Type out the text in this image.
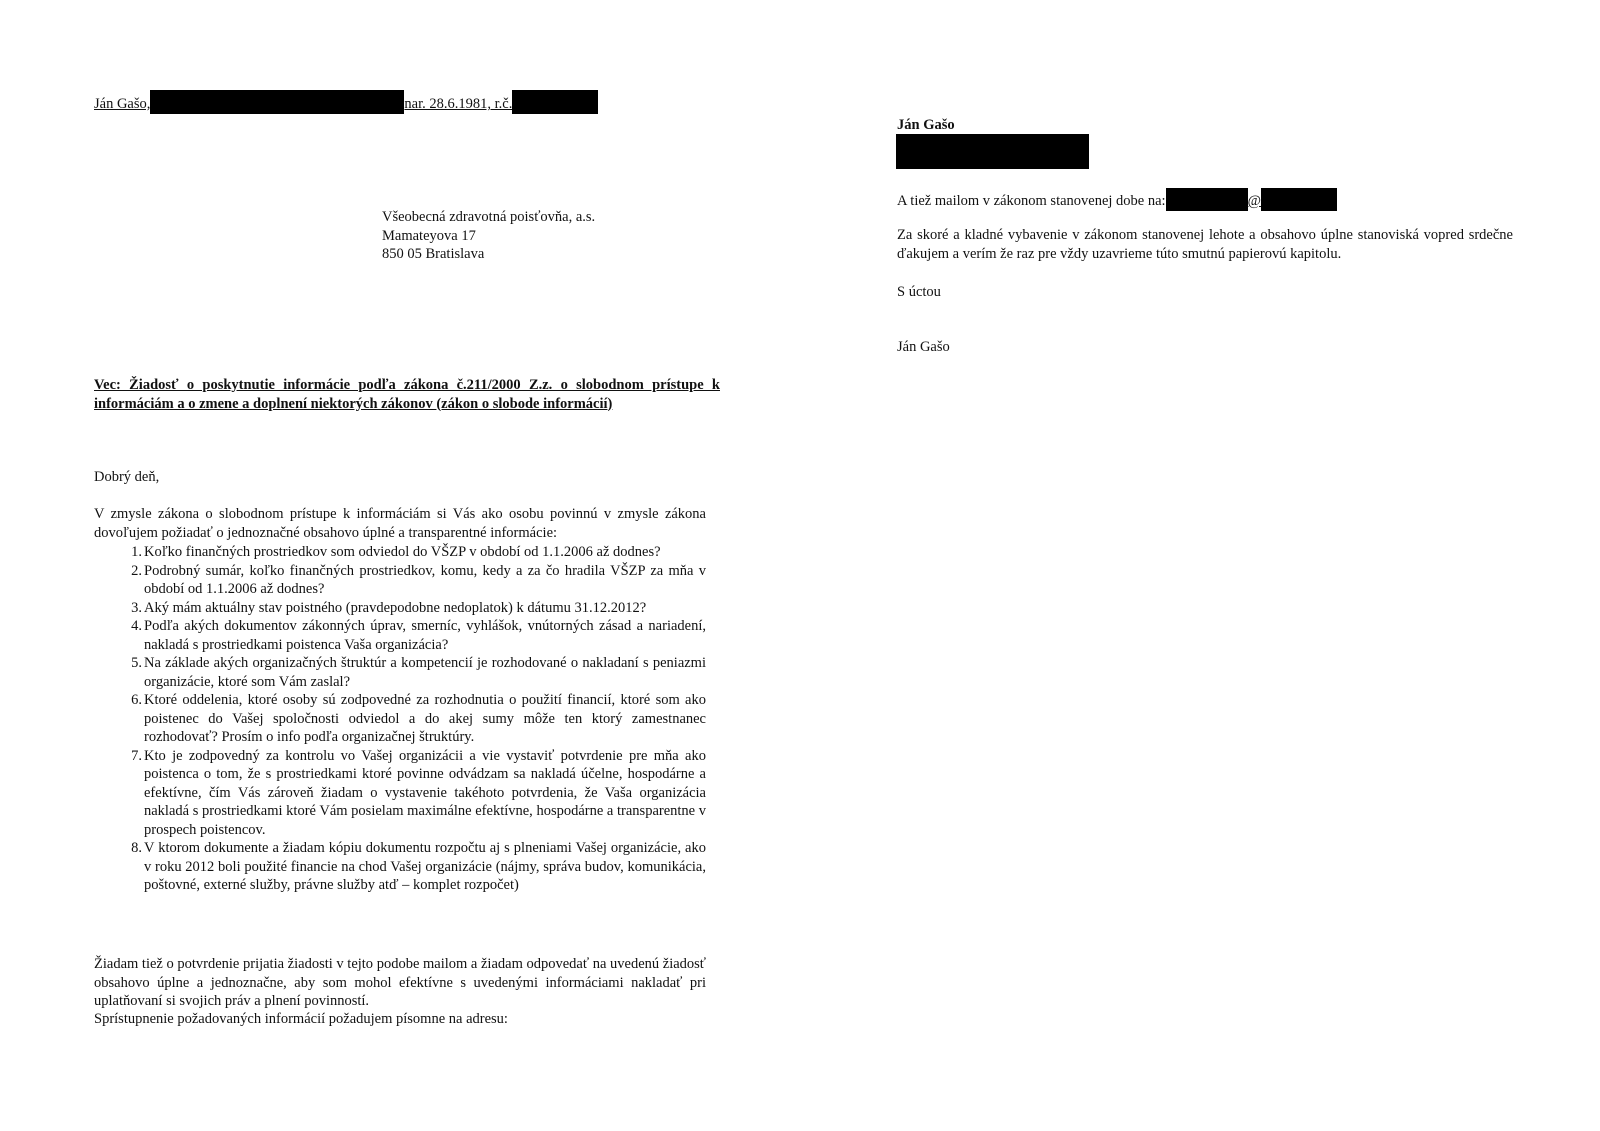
Ján Gašo,	nar. 28.6.1981, r.č.
Všeobecná zdravotná poisťovňa, a.s.
Mamateyova 17
850 05 Bratislava
Vec: Žiadosť o poskytnutie informácie podľa zákona č.211/2000 Z.z. o slobodnom prístupe k informáciám a o zmene a doplnení niektorých zákonov (zákon o slobode informácií)
Dobrý deň,
V zmysle zákona o slobodnom prístupe k informáciám si Vás ako osobu povinnú v zmysle zákona dovoľujem požiadať o jednoznačné obsahovo úplné a transparentné informácie:
1. Koľko finančných prostriedkov som odviedol do VŠZP v období od 1.1.2006 až dodnes?
2. Podrobný sumár, koľko finančných prostriedkov, komu, kedy a za čo hradila VŠZP za mňa v období od 1.1.2006 až dodnes?
3. Aký mám aktuálny stav poistného (pravdepodobne nedoplatok) k dátumu 31.12.2012?
4. Podľa akých dokumentov zákonných úprav, smerníc, vyhlášok, vnútorných zásad a nariadení, nakladá s prostriedkami poistenca Vaša organizácia?
5. Na základe akých organizačných štruktúr a kompetencií je rozhodované o nakladaní s peniazmi organizácie, ktoré som Vám zaslal?
6. Ktoré oddelenia, ktoré osoby sú zodpovedné za rozhodnutia o použití financií, ktoré som ako poistenec do Vašej spoločnosti odviedol a do akej sumy môže ten ktorý zamestnanec rozhodovať? Prosím o info podľa organizačnej štruktúry.
7. Kto je zodpovedný za kontrolu vo Vašej organizácii a vie vystaviť potvrdenie pre mňa ako poistenca o tom, že s prostriedkami ktoré povinne odvádzam sa nakladá účelne, hospodárne a efektívne, čím Vás zároveň žiadam o vystavenie takéhoto potvrdenia, že Vaša organizácia nakladá s prostriedkami ktoré Vám posielam maximálne efektívne, hospodárne a transparentne v prospech poistencov.
8. V ktorom dokumente a žiadam kópiu dokumentu rozpočtu aj s plneniami Vašej organizácie, ako v roku 2012 boli použité financie na chod Vašej organizácie (nájmy, správa budov, komunikácia, poštovné, externé služby, právne služby atď – komplet rozpočet)
Žiadam tiež o potvrdenie prijatia žiadosti v tejto podobe mailom a žiadam odpovedať na uvedenú žiadosť obsahovo úplne a jednoznačne, aby som mohol efektívne s uvedenými informáciami nakladať pri uplatňovaní si svojich práv a plnení povinností.
Sprístupnenie požadovaných informácií požadujem písomne na adresu:
Ján Gašo
A tiež mailom v zákonom stanovenej dobe na:	@
Za skoré a kladné vybavenie v zákonom stanovenej lehote a obsahovo úplne stanoviská vopred srdečne ďakujem a verím že raz pre vždy uzavrieme túto smutnú papierovú kapitolu.
S úctou
Ján Gašo
